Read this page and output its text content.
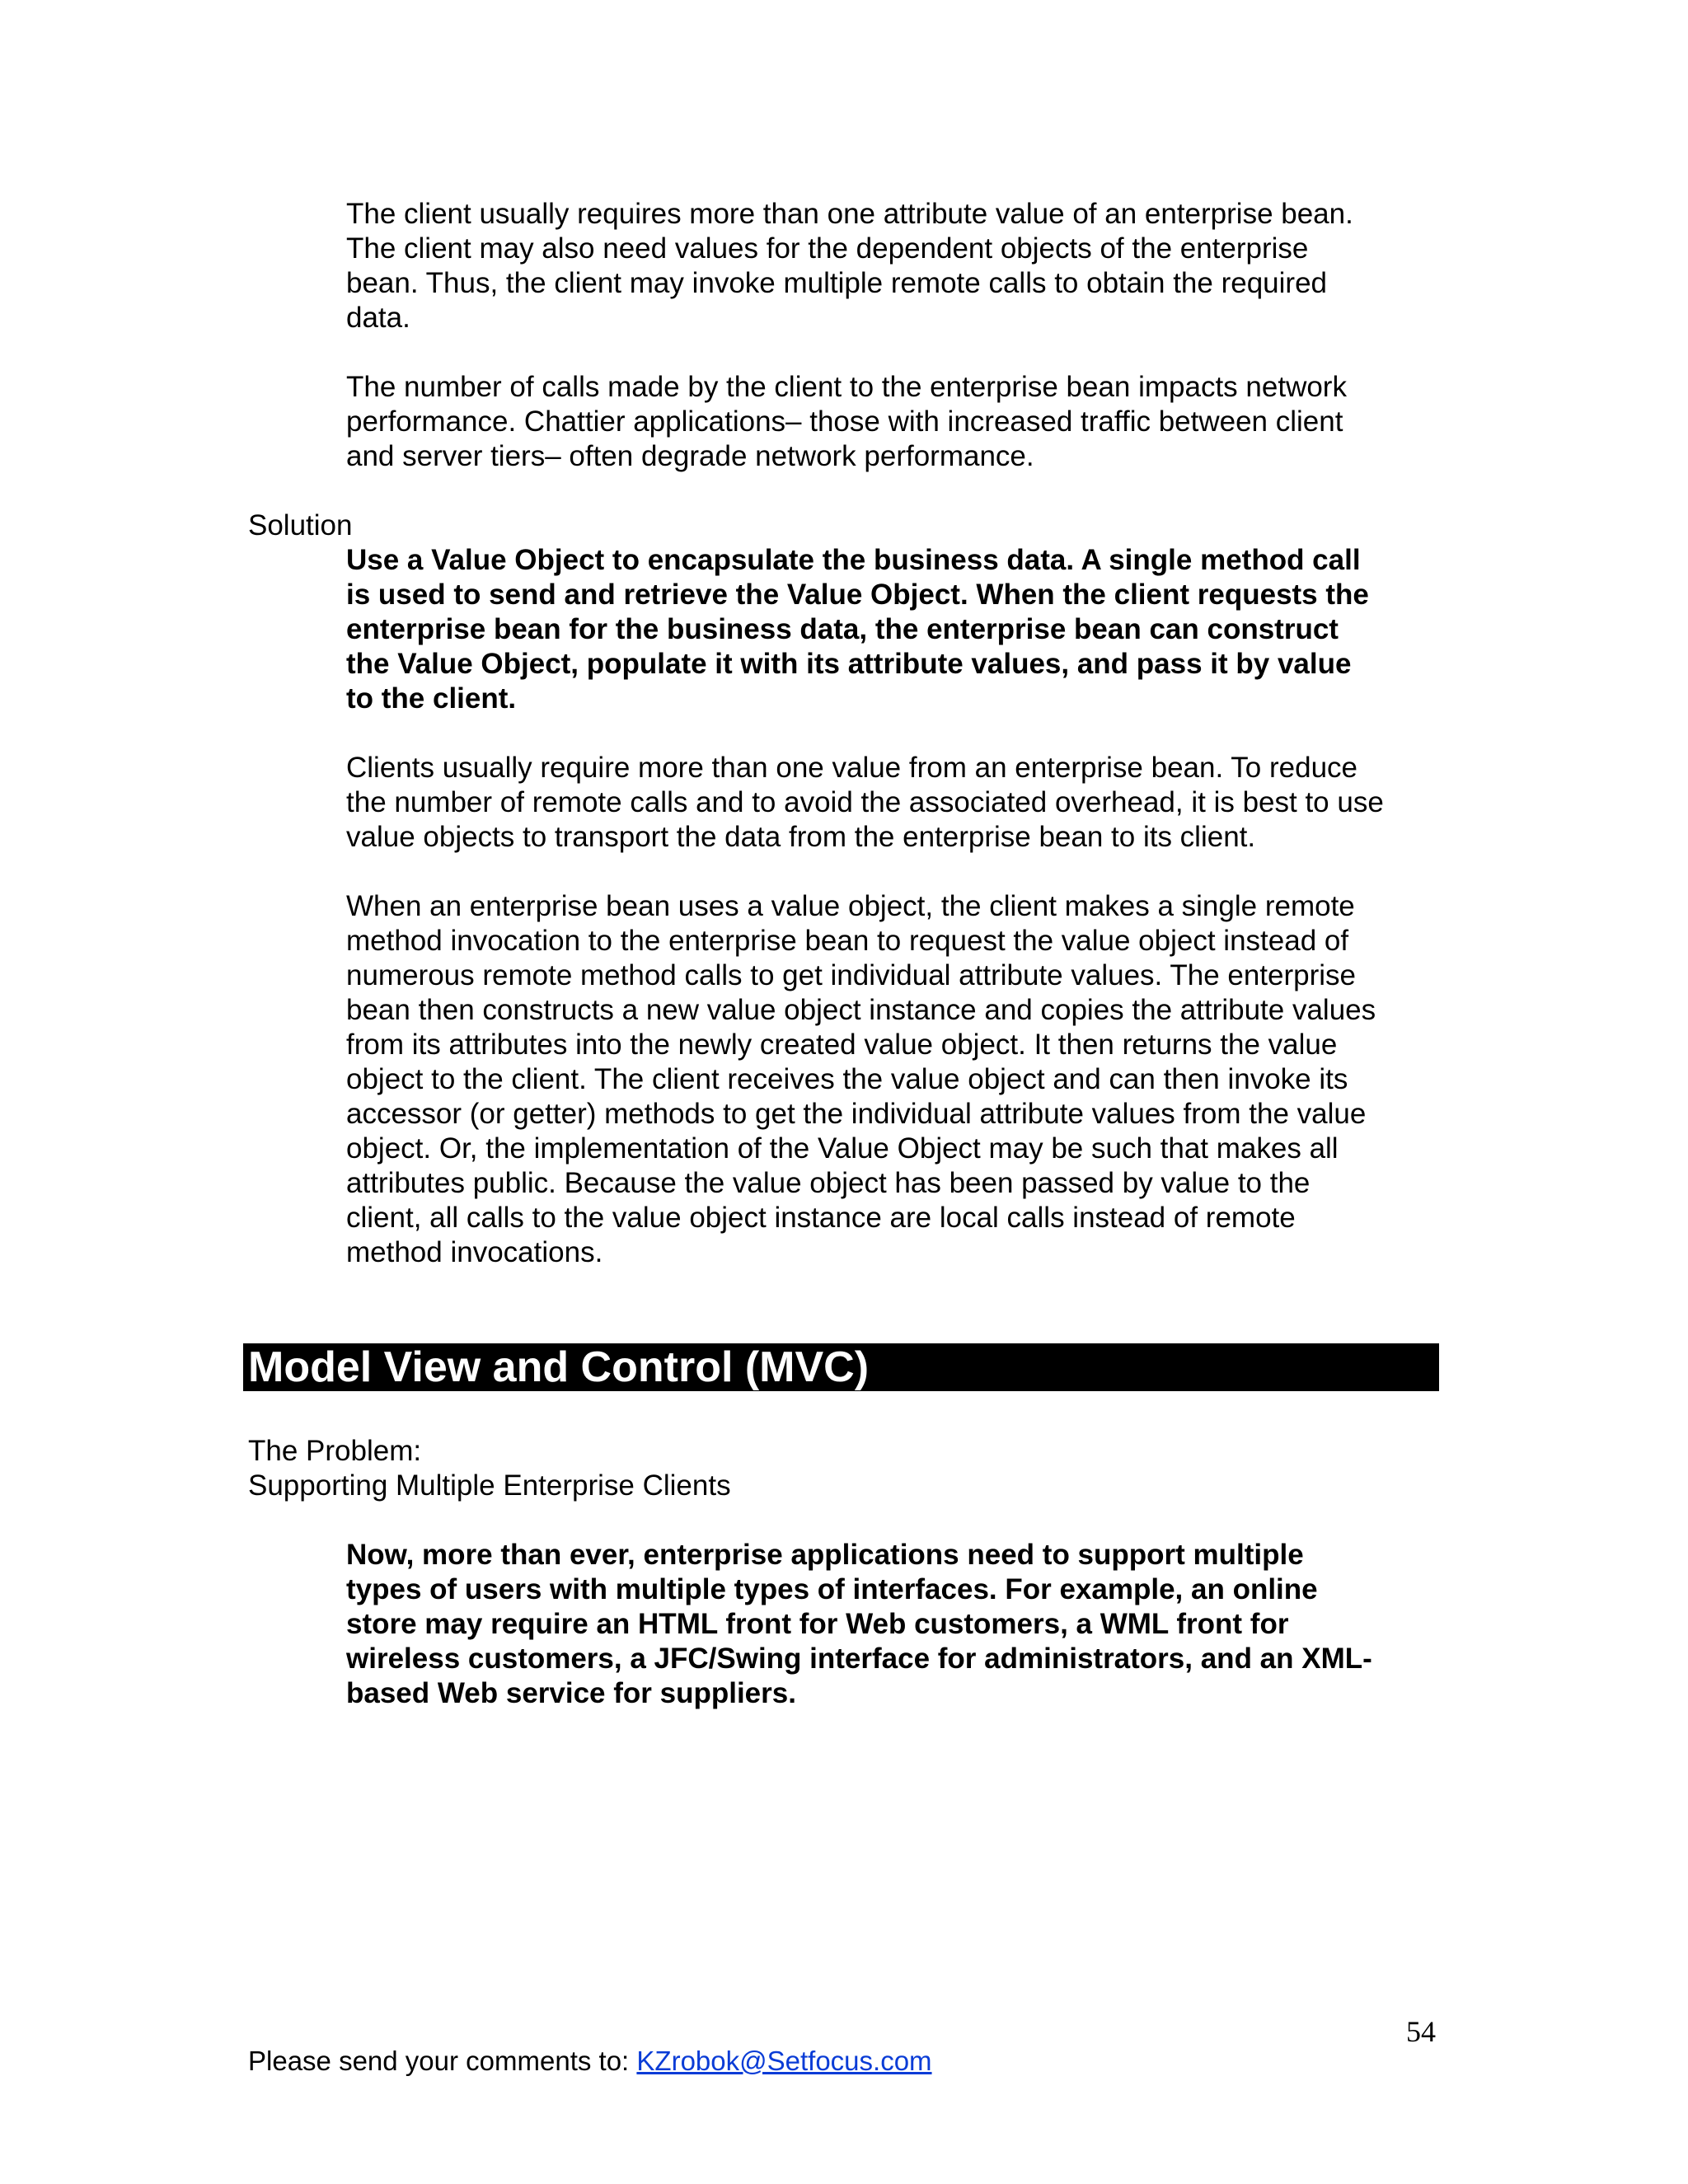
The client usually requires more than one attribute value of an enterprise bean.
The client may also need values for the dependent objects of the enterprise
bean. Thus, the client may invoke multiple remote calls to obtain the required
data.
The number of calls made by the client to the enterprise bean impacts network
performance. Chattier applications– those with increased traffic between client
and server tiers– often degrade network performance.
Solution
Use a Value Object to encapsulate the business data. A single method call
is used to send and retrieve the Value Object. When the client requests the
enterprise bean for the business data, the enterprise bean can construct
the Value Object, populate it with its attribute values, and pass it by value
to the client.
Clients usually require more than one value from an enterprise bean. To reduce
the number of remote calls and to avoid the associated overhead, it is best to use
value objects to transport the data from the enterprise bean to its client.
When an enterprise bean uses a value object, the client makes a single remote
method invocation to the enterprise bean to request the value object instead of
numerous remote method calls to get individual attribute values. The enterprise
bean then constructs a new value object instance and copies the attribute values
from its attributes into the newly created value object. It then returns the value
object to the client. The client receives the value object and can then invoke its
accessor (or getter) methods to get the individual attribute values from the value
object. Or, the implementation of the Value Object may be such that makes all
attributes public. Because the value object has been passed by value to the
client, all calls to the value object instance are local calls instead of remote
method invocations.
Model View and Control (MVC)
The Problem:
Supporting Multiple Enterprise Clients
Now, more than ever, enterprise applications need to support multiple
types of users with multiple types of interfaces. For example, an online
store may require an HTML front for Web customers, a WML front for
wireless customers, a JFC/Swing interface for administrators, and an XML-
based Web service for suppliers.
54
Please send your comments to: KZrobok@Setfocus.com
